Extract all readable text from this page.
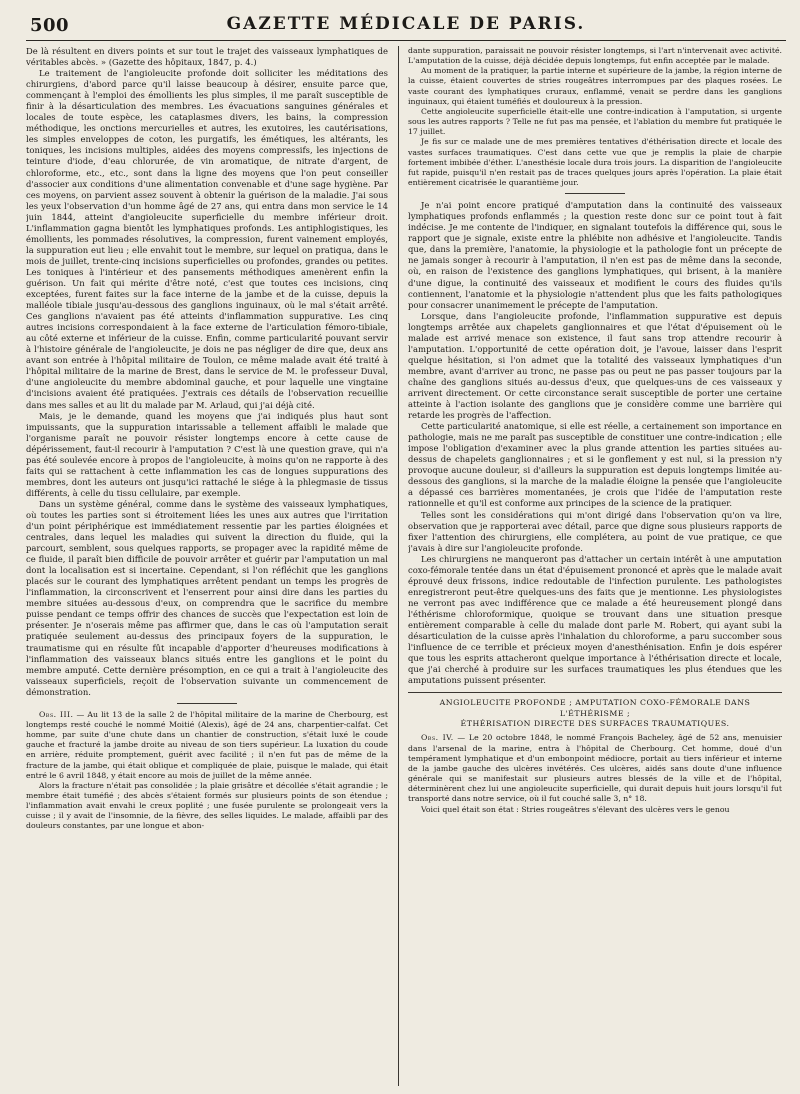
500	GAZETTE MÉDICALE DE PARIS.

De là résultent en divers points et sur tout le trajet des vaisseaux lymphatiques de véritables abcès. » (Gazette des hôpitaux, 1847, p. 4.)

Le traitement de l'angioleucite profonde doit solliciter les méditations des chirurgiens, d'abord parce qu'il laisse beaucoup à désirer, ensuite parce que, commençant à l'emploi des émollients les plus simples, il me paraît susceptible de finir à la désarticulation des membres. Les évacuations sanguines générales et locales de toute espèce, les cataplasmes divers, les bains, la compression méthodique, les onctions mercurielles et autres, les exutoires, les cautérisations, les simples enveloppes de coton, les purgatifs, les émétiques, les altérants, les toniques, les incisions multiples, aidées des moyens compressifs, les injections de teinture d'iode, d'eau chlorurée, de vin aromatique, de nitrate d'argent, de chloroforme, etc., etc., sont dans la ligne des moyens que l'on peut conseiller d'associer aux conditions d'une alimentation convenable et d'une sage hygiène. Par ces moyens, on parvient assez souvent à obtenir la guérison de la maladie. J'ai sous les yeux l'observation d'un homme âgé de 27 ans, qui entra dans mon service le 14 juin 1844, atteint d'angioleucite superficielle du membre inférieur droit. L'inflammation gagna bientôt les lymphatiques profonds. Les antiphlogistiques, les émollients, les pommades résolutives, la compression, furent vainement employés, la suppuration eut lieu ; elle envahit tout le membre, sur lequel on pratiqua, dans le mois de juillet, trente-cinq incisions superficielles ou profondes, grandes ou petites. Les toniques à l'intérieur et des pansements méthodiques amenèrent enfin la guérison. Un fait qui mérite d'être noté, c'est que toutes ces incisions, cinq exceptées, furent faites sur la face interne de la jambe et de la cuisse, depuis la malléole tibiale jusqu'au-dessous des ganglions inguinaux, où le mal s'était arrêté. Ces ganglions n'avaient pas été atteints d'inflammation suppurative. Les cinq autres incisions correspondaient à la face externe de l'articulation fémoro-tibiale, au côté externe et inférieur de la cuisse. Enfin, comme particularité pouvant servir à l'histoire générale de l'angioleucite, je dois ne pas négliger de dire que, deux ans avant son entrée à l'hôpital militaire de Toulon, ce même malade avait été traité à l'hôpital militaire de la marine de Brest, dans le service de M. le professeur Duval, d'une angioleucite du membre abdominal gauche, et pour laquelle une vingtaine d'incisions avaient été pratiquées. J'extrais ces détails de l'observation recueillie dans mes salles et au lit du malade par M. Arlaud, qui j'ai déjà cité.

Mais, je le demande, quand les moyens que j'ai indiqués plus haut sont impuissants, que la suppuration intarissable a tellement affaibli le malade que l'organisme paraît ne pouvoir résister longtemps encore à cette cause de dépérissement, faut-il recourir à l'amputation ? C'est là une question grave, qui n'a pas été soulevée encore à propos de l'angioleucite, à moins qu'on ne rapporte à des faits qui se rattachent à cette inflammation les cas de longues suppurations des membres, dont les auteurs ont jusqu'ici rattaché le siége à la phlegmasie de tissus différents, à celle du tissu cellulaire, par exemple.

Dans un système général, comme dans le système des vaisseaux lymphatiques, où toutes les parties sont si étroitement liées les unes aux autres que l'irritation d'un point périphérique est immédiatement ressentie par les parties éloignées et centrales, dans lequel les maladies qui suivent la direction du fluide, qui la parcourt, semblent, sous quelques rapports, se propager avec la rapidité même de ce fluide, il paraît bien difficile de pouvoir arrêter et guérir par l'amputation un mal dont la localisation est si incertaine. Cependant, si l'on réfléchit que les ganglions placés sur le courant des lymphatiques arrêtent pendant un temps les progrès de l'inflammation, la circonscrivent et l'enserrent pour ainsi dire dans les parties du membre situées au-dessous d'eux, on comprendra que le sacrifice du membre puisse pendant ce temps offrir des chances de succès que l'expectation est loin de présenter. Je n'oserais même pas affirmer que, dans le cas où l'amputation serait pratiquée seulement au-dessus des principaux foyers de la suppuration, le traumatisme qui en résulte fût incapable d'apporter d'heureuses modifications à l'inflammation des vaisseaux blancs situés entre les ganglions et le point du membre amputé. Cette dernière présomption, en ce qui a trait à l'angioleucite des vaisseaux superficiels, reçoit de l'observation suivante un commencement de démonstration.

Obs. III. — Au lit 13 de la salle 2 de l'hôpital militaire de la marine de Cherbourg, est longtemps resté couché le nommé Moitié (Alexis), âgé de 24 ans, charpentier-calfat. Cet homme, par suite d'une chute dans un chantier de construction, s'était luxé le coude gauche et fracturé la jambe droite au niveau de son tiers supérieur. La luxation du coude en arrière, réduite promptement, guérit avec facilité ; il n'en fut pas de même de la fracture de la jambe, qui était oblique et compliquée de plaie, puisque le malade, qui était entré le 6 avril 1848, y était encore au mois de juillet de la même année.

Alors la fracture n'était pas consolidée ; la plaie grisâtre et décollée s'était agrandie ; le membre était tuméfié ; des abcès s'étaient formés sur plusieurs points de son étendue ; l'inflammation avait envahi le creux poplité ; une fusée purulente se prolongeait vers la cuisse ; il y avait de l'insomnie, de la fièvre, des selles liquides. Le malade, affaibli par des douleurs constantes, par une longue et abon-

dante suppuration, paraissait ne pouvoir résister longtemps, si l'art n'intervenait avec activité. L'amputation de la cuisse, déjà décidée depuis longtemps, fut enfin acceptée par le malade.

Au moment de la pratiquer, la partie interne et supérieure de la jambe, la région interne de la cuisse, étaient couvertes de stries rougeâtres interrompues par des plaques rosées. Le vaste courant des lymphatiques cruraux, enflammé, venait se perdre dans les ganglions inguinaux, qui étaient tuméfiés et douloureux à la pression.

Cette angioleucite superficielle était-elle une contre-indication à l'amputation, si urgente sous les autres rapports ? Telle ne fut pas ma pensée, et l'ablation du membre fut pratiquée le 17 juillet.

Je fis sur ce malade une de mes premières tentatives d'éthérisation directe et locale des vastes surfaces traumatiques. C'est dans cette vue que je remplis la plaie de charpie fortement imbibée d'éther. L'anesthésie locale dura trois jours. La disparition de l'angioleucite fut rapide, puisqu'il n'en restait pas de traces quelques jours après l'opération. La plaie était entièrement cicatrisée le quarantième jour.

Je n'ai point encore pratiqué d'amputation dans la continuité des vaisseaux lymphatiques profonds enflammés ; la question reste donc sur ce point tout à fait indécise. Je me contente de l'indiquer, en signalant toutefois la différence qui, sous le rapport que je signale, existe entre la phlébite non adhésive et l'angioleucite. Tandis que, dans la première, l'anatomie, la physiologie et la pathologie font un précepte de ne jamais songer à recourir à l'amputation, il n'en est pas de même dans la seconde, où, en raison de l'existence des ganglions lymphatiques, qui brisent, à la manière d'une digue, la continuité des vaisseaux et modifient le cours des fluides qu'ils contiennent, l'anatomie et la physiologie n'attendent plus que les faits pathologiques pour consacrer unanimement le précepte de l'amputation.

Lorsque, dans l'angioleucite profonde, l'inflammation suppurative est depuis longtemps arrêtée aux chapelets ganglionnaires et que l'état d'épuisement où le malade est arrivé menace son existence, il faut sans trop attendre recourir à l'amputation. L'opportunité de cette opération doit, je l'avoue, laisser dans l'esprit quelque hésitation, si l'on admet que la totalité des vaisseaux lymphatiques d'un membre, avant d'arriver au tronc, ne passe pas ou peut ne pas passer toujours par la chaîne des ganglions situés au-dessus d'eux, que quelques-uns de ces vaisseaux y arrivent directement. Or cette circonstance serait susceptible de porter une certaine atteinte à l'action isolante des ganglions que je considère comme une barrière qui retarde les progrès de l'affection.

Cette particularité anatomique, si elle est réelle, a certainement son importance en pathologie, mais ne me paraît pas susceptible de constituer une contre-indication ; elle impose l'obligation d'examiner avec la plus grande attention les parties situées au-dessus de chapelets ganglionnaires ; et si le gonflement y est nul, si la pression n'y provoque aucune douleur, si d'ailleurs la suppuration est depuis longtemps limitée au-dessous des ganglions, si la marche de la maladie éloigne la pensée que l'angioleucite a dépassé ces barrières momentanées, je crois que l'idée de l'amputation reste rationnelle et qu'il est conforme aux principes de la science de la pratiquer.

Telles sont les considérations qui m'ont dirigé dans l'observation qu'on va lire, observation que je rapporterai avec détail, parce que digne sous plusieurs rapports de fixer l'attention des chirurgiens, elle complétera, au point de vue pratique, ce que j'avais à dire sur l'angioleucite profonde.

Les chirurgiens ne manqueront pas d'attacher un certain intérêt à une amputation coxo-fémorale tentée dans un état d'épuisement prononcé et après que le malade avait éprouvé deux frissons, indice redoutable de l'infection purulente. Les pathologistes enregistreront peut-être quelques-uns des faits que je mentionne. Les physiologistes ne verront pas avec indifférence que ce malade a été heureusement plongé dans l'éthérisme chloroformique, quoique se trouvant dans une situation presque entièrement comparable à celle du malade dont parle M. Robert, qui ayant subi la désarticulation de la cuisse après l'inhalation du chloroforme, a paru succomber sous l'influence de ce terrible et précieux moyen d'anesthénisation. Enfin je dois espérer que tous les esprits attacheront quelque importance à l'éthérisation directe et locale, que j'ai cherché à produire sur les surfaces traumatiques les plus étendues que les amputations puissent présenter.

ANGIOLEUCITE PROFONDE ; AMPUTATION COXO-FÉMORALE DANS L'ÉTHÉRISME ;
ÉTHÉRISATION DIRECTE DES SURFACES TRAUMATIQUES.

Obs. IV. — Le 20 octobre 1848, le nommé François Bacheley, âgé de 52 ans, menuisier dans l'arsenal de la marine, entra à l'hôpital de Cherbourg. Cet homme, doué d'un tempérament lymphatique et d'un embonpoint médiocre, portait au tiers inférieur et interne de la jambe gauche des ulcères invétérés. Ces ulcères, aidés sans doute d'une influence générale qui se manifestait sur plusieurs autres blessés de la ville et de l'hôpital, déterminèrent chez lui une angioleucite superficielle, qui durait depuis huit jours lorsqu'il fut transporté dans notre service, où il fut couché salle 3, n° 18.

Voici quel était son état : Stries rougeâtres s'élevant des ulcères vers le genou
